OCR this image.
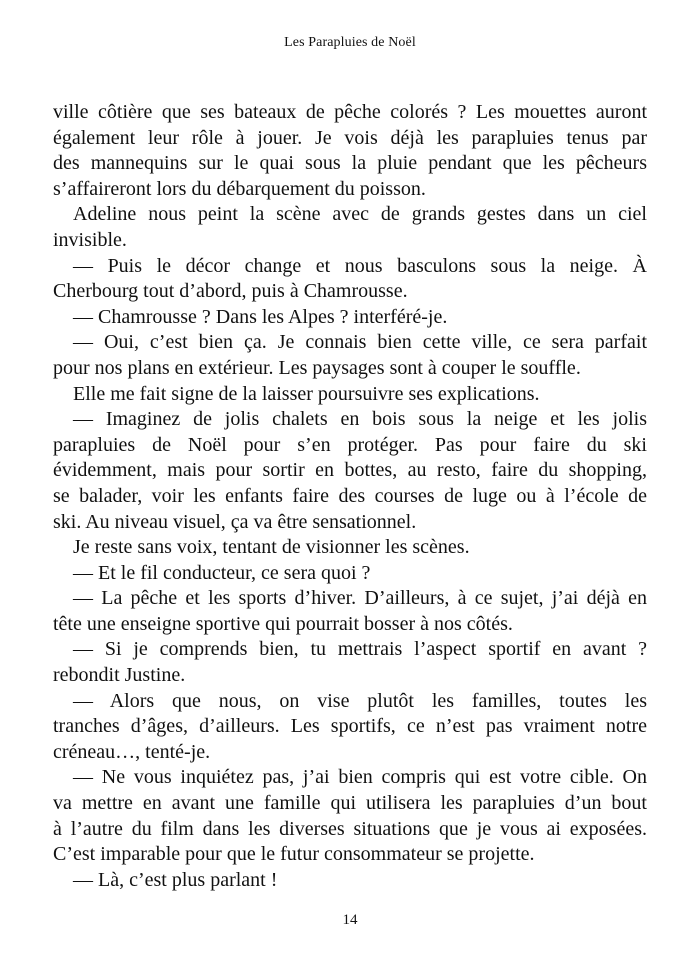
Les Parapluies de Noël
ville côtière que ses bateaux de pêche colorés ? Les mouettes auront
également leur rôle à jouer. Je vois déjà les parapluies tenus par
des mannequins sur le quai sous la pluie pendant que les pêcheurs
s’affaireront lors du débarquement du poisson.
Adeline nous peint la scène avec de grands gestes dans un ciel
invisible.
— Puis le décor change et nous basculons sous la neige. À
Cherbourg tout d’abord, puis à Chamrousse.
— Chamrousse ? Dans les Alpes ? interféré-je.
— Oui, c’est bien ça. Je connais bien cette ville, ce sera parfait
pour nos plans en extérieur. Les paysages sont à couper le souffle.
Elle me fait signe de la laisser poursuivre ses explications.
— Imaginez de jolis chalets en bois sous la neige et les jolis
parapluies de Noël pour s’en protéger. Pas pour faire du ski
évidemment, mais pour sortir en bottes, au resto, faire du shopping,
se balader, voir les enfants faire des courses de luge ou à l’école de
ski. Au niveau visuel, ça va être sensationnel.
Je reste sans voix, tentant de visionner les scènes.
— Et le fil conducteur, ce sera quoi ?
— La pêche et les sports d’hiver. D’ailleurs, à ce sujet, j’ai déjà en
tête une enseigne sportive qui pourrait bosser à nos côtés.
— Si je comprends bien, tu mettrais l’aspect sportif en avant ?
rebondit Justine.
— Alors que nous, on vise plutôt les familles, toutes les
tranches d’âges, d’ailleurs. Les sportifs, ce n’est pas vraiment notre
créneau…, tenté-je.
— Ne vous inquiétez pas, j’ai bien compris qui est votre cible. On
va mettre en avant une famille qui utilisera les parapluies d’un bout
à l’autre du film dans les diverses situations que je vous ai exposées.
C’est imparable pour que le futur consommateur se projette.
— Là, c’est plus parlant !
14
